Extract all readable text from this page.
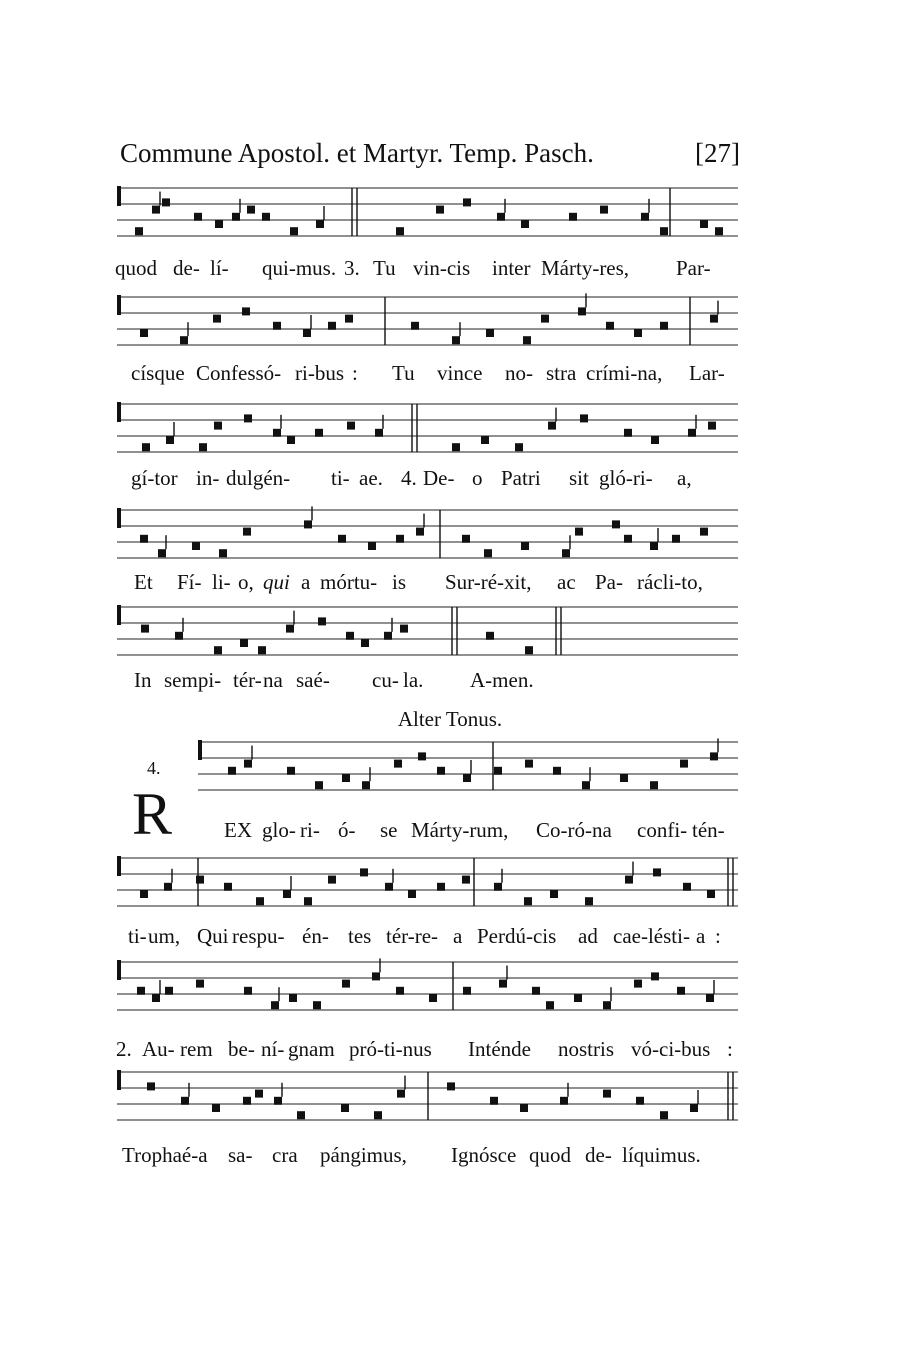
Commune Apostol. et Martyr. Temp. Pasch.	[27]
quod de- lí- qui-mus. 3. Tu vin-cis inter Márty-res, Par-
císque Confessó- ri-bus : Tu vince no- stra crími-na, Lar-
gí-tor in- dulgén- ti- ae. 4. De- o Patri sit gló-ri- a,
Et Fí- li- o, qui a mórtu- is Sur-ré-xit, ac Pa- rácli-to,
In sempi- tér- na saé- cu- la. A-men.
Alter Tonus.
4.
R EX glo- ri- ó- se Márty-rum, Co-ró-na confi- tén-
ti- um, Qui respu- én- tes tér-re- a Perdú-cis ad cae-lésti- a :
2. Au- rem be- ní- gnam pró-ti-nus Inténde nostris vó-ci-bus :
Trophaé-a sa- cra pángimus, Ignósce quod de- líquimus.
